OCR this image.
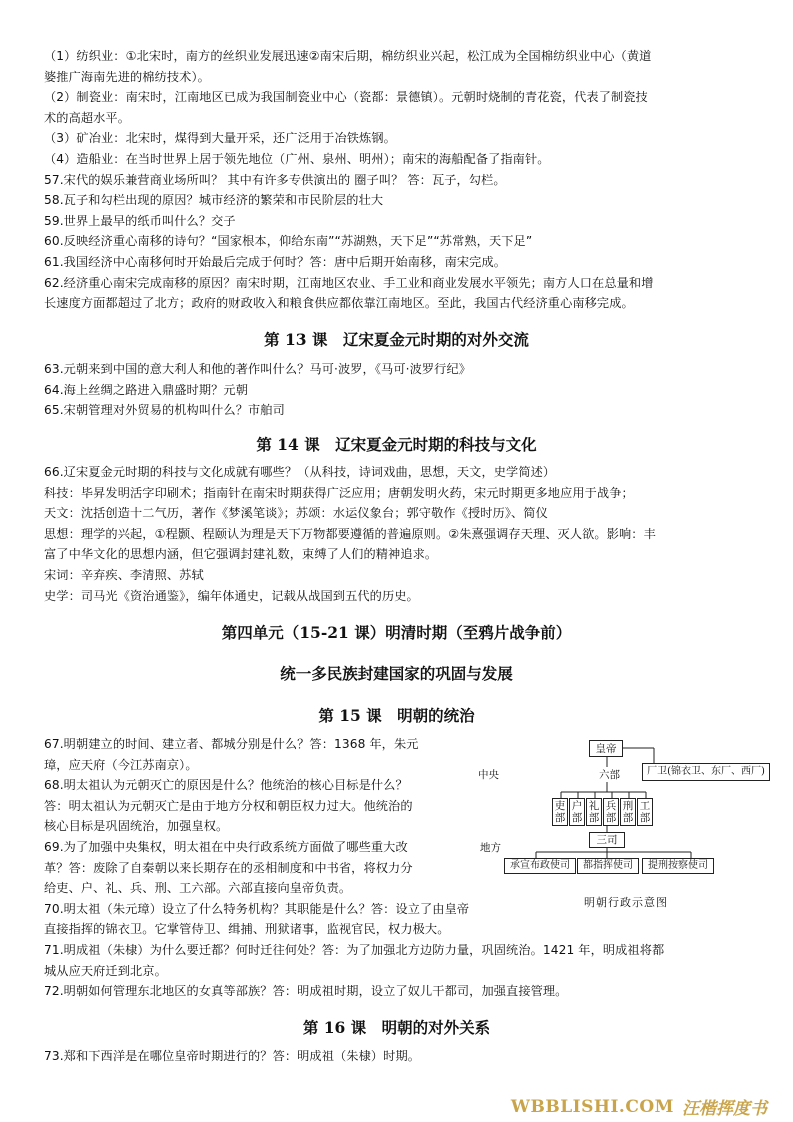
（1）纺织业：①北宋时，南方的丝织业发展迅速②南宋后期，棉纺织业兴起，松江成为全国棉纺织业中心（黄道
婆推广海南先进的棉纺技术）。
（2）制瓷业：南宋时，江南地区已成为我国制瓷业中心（瓷都：景德镇）。元朝时烧制的青花瓷，代表了制瓷技
术的高超水平。
（3）矿冶业：北宋时，煤得到大量开采，还广泛用于冶铁炼钢。
（4）造船业：在当时世界上居于领先地位（广州、泉州、明州）；南宋的海船配备了指南针。
57.宋代的娱乐兼营商业场所叫？ 其中有许多专供演出的 圈子叫？ 答：瓦子，勾栏。
58.瓦子和勾栏出现的原因？城市经济的繁荣和市民阶层的壮大
59.世界上最早的纸币叫什么？交子
60.反映经济重心南移的诗句？“国家根本，仰给东南”“苏湖熟，天下足”“苏常熟，天下足”
61.我国经济中心南移何时开始最后完成于何时？答：唐中后期开始南移，南宋完成。
62.经济重心南宋完成南移的原因？南宋时期，江南地区农业、手工业和商业发展水平领先；南方人口在总量和增
长速度方面都超过了北方；政府的财政收入和粮食供应都依靠江南地区。至此，我国古代经济重心南移完成。
第 13 课　辽宋夏金元时期的对外交流
63.元朝来到中国的意大利人和他的著作叫什么？马可·波罗，《马可·波罗行纪》
64.海上丝绸之路进入鼎盛时期？元朝
65.宋朝管理对外贸易的机构叫什么？市舶司
第 14 课　辽宋夏金元时期的科技与文化
66.辽宋夏金元时期的科技与文化成就有哪些？（从科技，诗词戏曲，思想，天文，史学简述）
科技：毕昇发明活字印刷术；指南针在南宋时期获得广泛应用；唐朝发明火药，宋元时期更多地应用于战争；
天文：沈括创造十二气历，著作《梦溪笔谈》；苏颂：水运仪象台；郭守敬作《授时历》、简仪
思想：理学的兴起，①程颢、程颐认为理是天下万物都要遵循的普遍原则。②朱熹强调存天理、灭人欲。影响：丰
富了中华文化的思想内涵，但它强调封建礼数，束缚了人们的精神追求。
宋词：辛弃疾、李清照、苏轼
史学：司马光《资治通鉴》，编年体通史，记载从战国到五代的历史。
第四单元（15-21 课）明清时期（至鸦片战争前）
统一多民族封建国家的巩固与发展
第 15 课　明朝的统治
67.明朝建立的时间、建立者、都城分别是什么？答：1368 年，朱元
璋，应天府（今江苏南京）。
68.明太祖认为元朝灭亡的原因是什么？他统治的核心目标是什么？
答：明太祖认为元朝灭亡是由于地方分权和朝臣权力过大。他统治的
核心目标是巩固统治，加强皇权。
69.为了加强中央集权，明太祖在中央行政系统方面做了哪些重大改
革？答：废除了自秦朝以来长期存在的丞相制度和中书省，将权力分
给吏、户、礼、兵、刑、工六部。六部直接向皇帝负责。
70.明太祖（朱元璋）设立了什么特务机构？其职能是什么？答：设立了由皇帝
直接指挥的锦衣卫。它掌管侍卫、缉捕、刑狱诸事，监视官民，权力极大。
71.明成祖（朱棣）为什么要迁都？何时迁往何处？答：为了加强北方边防力量，巩固统治。1421 年，明成祖将都
城从应天府迁到北京。
72.明朝如何管理东北地区的女真等部族？答：明成祖时期，设立了奴儿干都司，加强直接管理。
皇帝
中央	六部	厂卫(锦衣卫、东厂、西厂)
吏
部
户
部
礼
部
兵
部
刑
部
工
部
三司
地方
承宣布政使司	都指挥使司	提刑按察使司
明朝行政示意图
第 16 课　明朝的对外关系
73.郑和下西洋是在哪位皇帝时期进行的？答：明成祖（朱棣）时期。
WBBLISHI.COM 汪楷挥度书
